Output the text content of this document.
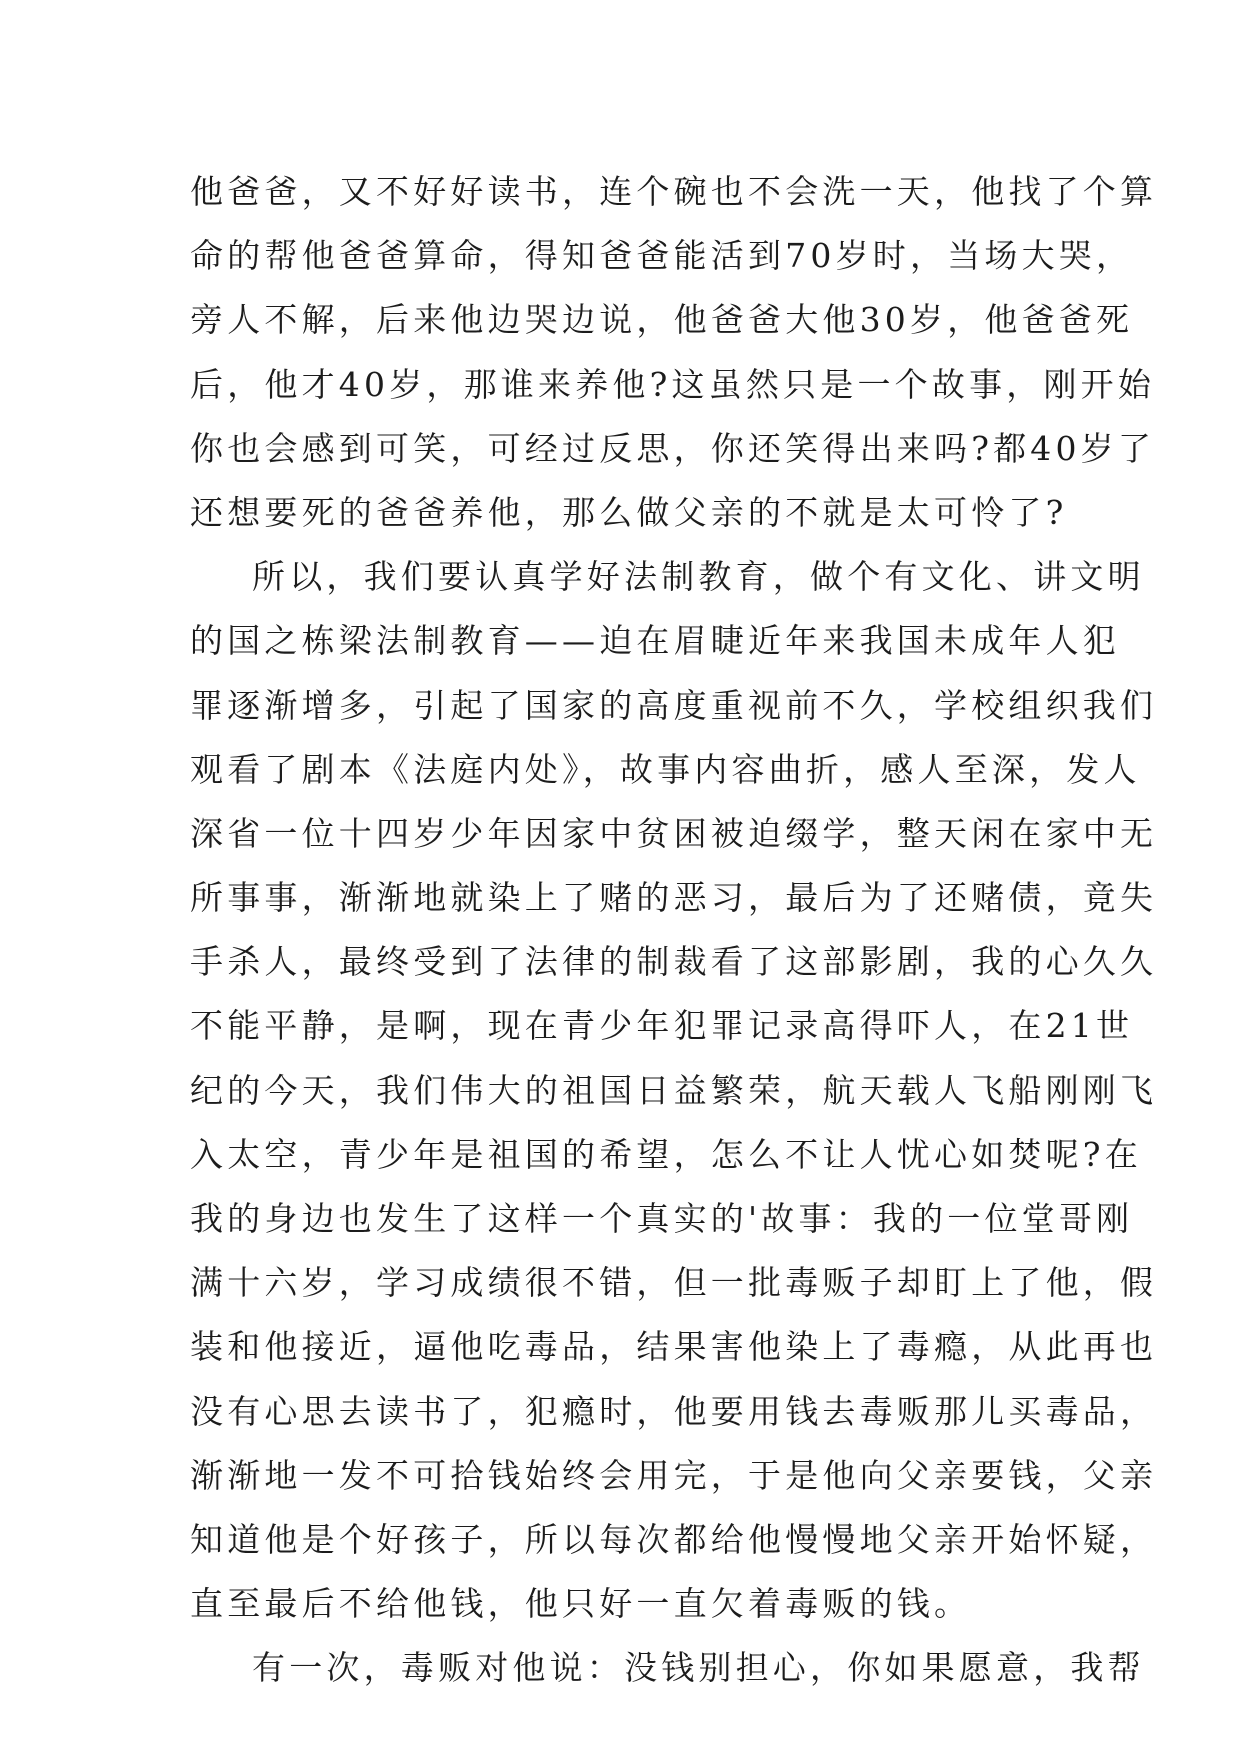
他爸爸，又不好好读书，连个碗也不会洗一天，他找了个算
命的帮他爸爸算命，得知爸爸能活到70岁时，当场大哭，
旁人不解，后来他边哭边说，他爸爸大他30岁，他爸爸死
后，他才40岁，那谁来养他?这虽然只是一个故事，刚开始
你也会感到可笑，可经过反思，你还笑得出来吗?都40岁了
还想要死的爸爸养他，那么做父亲的不就是太可怜了?
所以，我们要认真学好法制教育，做个有文化、讲文明
的国之栋梁法制教育——迫在眉睫近年来我国未成年人犯
罪逐渐增多，引起了国家的高度重视前不久，学校组织我们
观看了剧本《法庭内处》，故事内容曲折，感人至深，发人
深省一位十四岁少年因家中贫困被迫缀学，整天闲在家中无
所事事，渐渐地就染上了赌的恶习，最后为了还赌债，竟失
手杀人，最终受到了法律的制裁看了这部影剧，我的心久久
不能平静，是啊，现在青少年犯罪记录高得吓人，在21世
纪的今天，我们伟大的祖国日益繁荣，航天载人飞船刚刚飞
入太空，青少年是祖国的希望，怎么不让人忧心如焚呢?在
我的身边也发生了这样一个真实的'故事：我的一位堂哥刚
满十六岁，学习成绩很不错，但一批毒贩子却盯上了他，假
装和他接近，逼他吃毒品，结果害他染上了毒瘾，从此再也
没有心思去读书了，犯瘾时，他要用钱去毒贩那儿买毒品，
渐渐地一发不可拾钱始终会用完，于是他向父亲要钱，父亲
知道他是个好孩子，所以每次都给他慢慢地父亲开始怀疑，
直至最后不给他钱，他只好一直欠着毒贩的钱。
有一次，毒贩对他说：没钱别担心，你如果愿意，我帮
